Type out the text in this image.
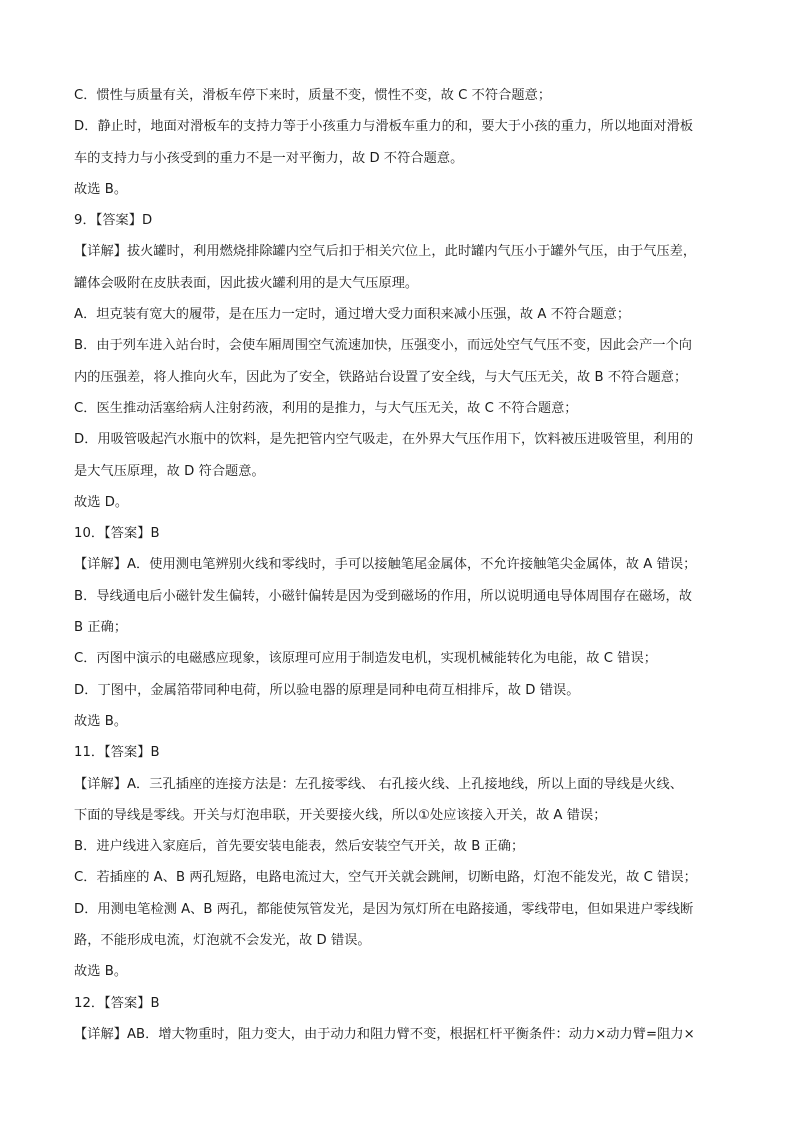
C．惯性与质量有关，滑板车停下来时，质量不变，惯性不变，故 C 不符合题意；
D．静止时，地面对滑板车的支持力等于小孩重力与滑板车重力的和，要大于小孩的重力，所以地面对滑板
车的支持力与小孩受到的重力不是一对平衡力，故 D 不符合题意。
故选 B。
9．【答案】D
【详解】拔火罐时，利用燃烧排除罐内空气后扣于相关穴位上，此时罐内气压小于罐外气压，由于气压差，
罐体会吸附在皮肤表面，因此拔火罐利用的是大气压原理。
A．坦克装有宽大的履带，是在压力一定时，通过增大受力面积来减小压强，故 A 不符合题意；
B．由于列车进入站台时，会使车厢周围空气流速加快，压强变小，而远处空气气压不变，因此会产一个向
内的压强差，将人推向火车，因此为了安全，铁路站台设置了安全线，与大气压无关，故 B 不符合题意；
C．医生推动活塞给病人注射药液，利用的是推力，与大气压无关，故 C 不符合题意；
D．用吸管吸起汽水瓶中的饮料，是先把管内空气吸走，在外界大气压作用下，饮料被压进吸管里，利用的
是大气压原理，故 D 符合题意。
故选 D。
10．【答案】B
【详解】A．使用测电笔辨别火线和零线时，手可以接触笔尾金属体，不允许接触笔尖金属体，故 A 错误；
B．导线通电后小磁针发生偏转，小磁针偏转是因为受到磁场的作用，所以说明通电导体周围存在磁场，故
B 正确；
C．丙图中演示的电磁感应现象，该原理可应用于制造发电机，实现机械能转化为电能，故 C 错误；
D．丁图中，金属箔带同种电荷，所以验电器的原理是同种电荷互相排斥，故 D 错误。
故选 B。
11．【答案】B
【详解】A．三孔插座的连接方法是：左孔接零线、 右孔接火线、上孔接地线，所以上面的导线是火线、
下面的导线是零线。开关与灯泡串联，开关要接火线，所以①处应该接入开关，故 A 错误；
B．进户线进入家庭后，首先要安装电能表，然后安装空气开关，故 B 正确；
C．若插座的 A、B 两孔短路，电路电流过大，空气开关就会跳闸，切断电路，灯泡不能发光，故 C 错误；
D．用测电笔检测 A、B 两孔，都能使氖管发光，是因为氖灯所在电路接通，零线带电，但如果进户零线断
路，不能形成电流，灯泡就不会发光，故 D 错误。
故选 B。
12．【答案】B
【详解】AB．增大物重时，阻力变大，由于动力和阻力臂不变，根据杠杆平衡条件：动力×动力臂=阻力×
